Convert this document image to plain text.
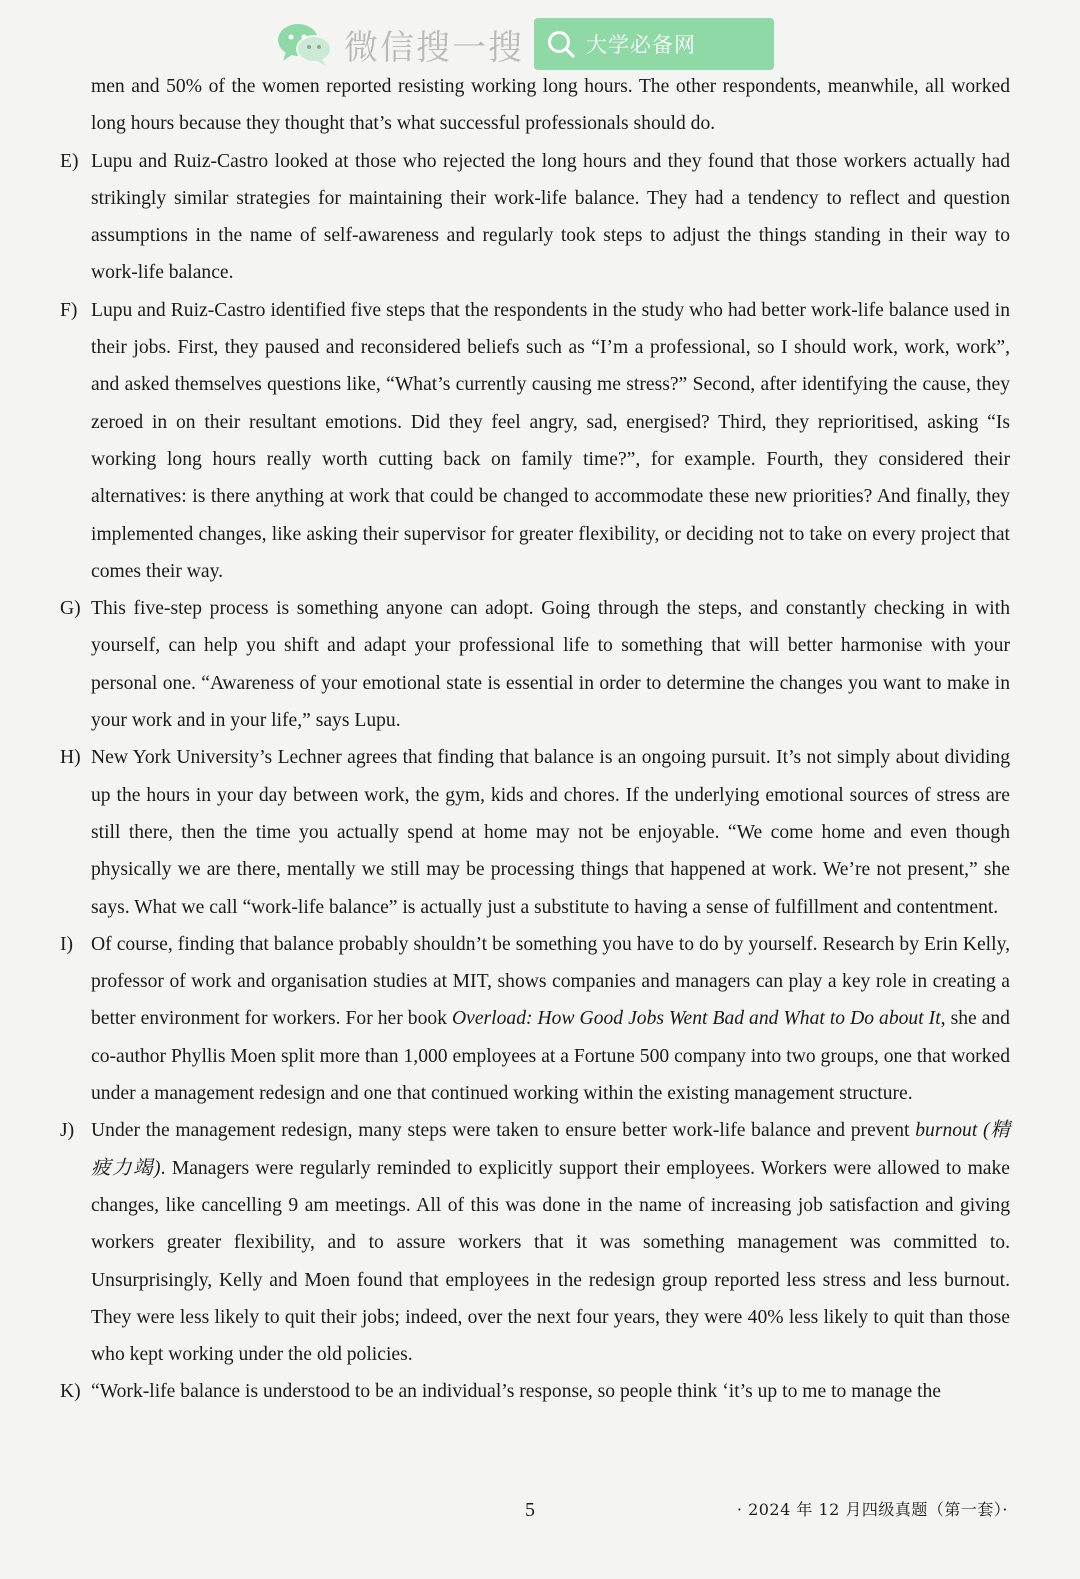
微信搜一搜	大学必备网
men and 50% of the women reported resisting working long hours. The other respondents, meanwhile, all worked long hours because they thought that’s what successful professionals should do.
E) Lupu and Ruiz-Castro looked at those who rejected the long hours and they found that those workers actually had strikingly similar strategies for maintaining their work-life balance. They had a tendency to reflect and question assumptions in the name of self-awareness and regularly took steps to adjust the things standing in their way to work-life balance.
F) Lupu and Ruiz-Castro identified five steps that the respondents in the study who had better work-life balance used in their jobs. First, they paused and reconsidered beliefs such as “I’m a professional, so I should work, work, work”, and asked themselves questions like, “What’s currently causing me stress?” Second, after identifying the cause, they zeroed in on their resultant emotions. Did they feel angry, sad, energised? Third, they reprioritised, asking “Is working long hours really worth cutting back on family time?”, for example. Fourth, they considered their alternatives: is there anything at work that could be changed to accommodate these new priorities? And finally, they implemented changes, like asking their supervisor for greater flexibility, or deciding not to take on every project that comes their way.
G) This five-step process is something anyone can adopt. Going through the steps, and constantly checking in with yourself, can help you shift and adapt your professional life to something that will better harmonise with your personal one. “Awareness of your emotional state is essential in order to determine the changes you want to make in your work and in your life,” says Lupu.
H) New York University’s Lechner agrees that finding that balance is an ongoing pursuit. It’s not simply about dividing up the hours in your day between work, the gym, kids and chores. If the underlying emotional sources of stress are still there, then the time you actually spend at home may not be enjoyable. “We come home and even though physically we are there, mentally we still may be processing things that happened at work. We’re not present,” she says. What we call “work-life balance” is actually just a substitute to having a sense of fulfillment and contentment.
I) Of course, finding that balance probably shouldn’t be something you have to do by yourself. Research by Erin Kelly, professor of work and organisation studies at MIT, shows companies and managers can play a key role in creating a better environment for workers. For her book Overload: How Good Jobs Went Bad and What to Do about It, she and co-author Phyllis Moen split more than 1,000 employees at a Fortune 500 company into two groups, one that worked under a management redesign and one that continued working within the existing management structure.
J) Under the management redesign, many steps were taken to ensure better work-life balance and prevent burnout (精疲力竭). Managers were regularly reminded to explicitly support their employees. Workers were allowed to make changes, like cancelling 9 am meetings. All of this was done in the name of increasing job satisfaction and giving workers greater flexibility, and to assure workers that it was something management was committed to. Unsurprisingly, Kelly and Moen found that employees in the redesign group reported less stress and less burnout. They were less likely to quit their jobs; indeed, over the next four years, they were 40% less likely to quit than those who kept working under the old policies.
K) “Work-life balance is understood to be an individual’s response, so people think ‘it’s up to me to manage the
5	· 2024 年 12 月四级真题（第一套）·
